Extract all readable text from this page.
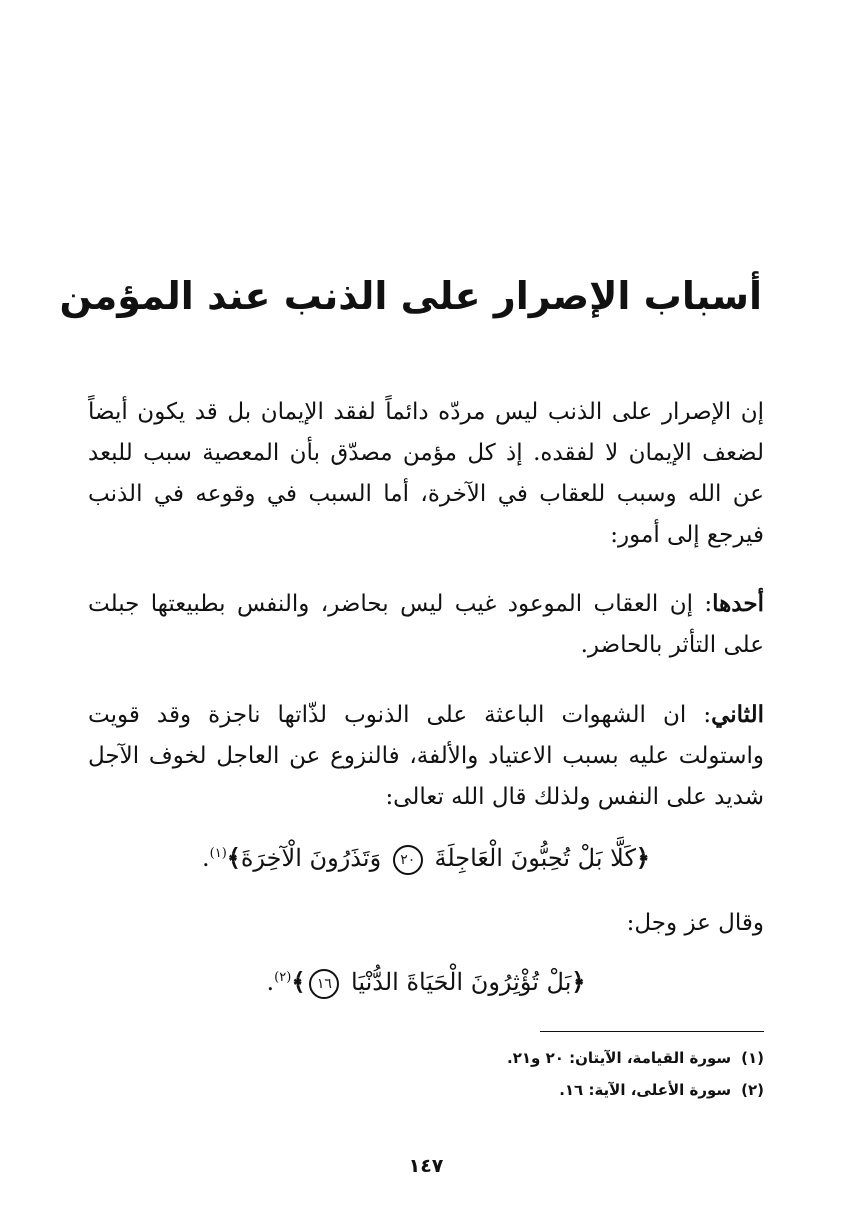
أسباب الإصرار على الذنب عند المؤمن
إن الإصرار على الذنب ليس مردّه دائماً لفقد الإيمان بل قد يكون أيضاً لضعف الإيمان لا لفقده. إذ كل مؤمن مصدّق بأن المعصية سبب للبعد عن الله وسبب للعقاب في الآخرة، أما السبب في وقوعه في الذنب فيرجع إلى أمور:
أحدها: إن العقاب الموعود غيب ليس بحاضر، والنفس بطبيعتها جبلت على التأثر بالحاضر.
الثاني: ان الشهوات الباعثة على الذنوب لذّاتها ناجزة وقد قويت واستولت عليه بسبب الاعتياد والألفة، فالنزوع عن العاجل لخوف الآجل شديد على النفس ولذلك قال الله تعالى:
﴿كَلَّا بَلْ تُحِبُّونَ الْعَاجِلَةَ ٢٠ وَتَذَرُونَ الْآخِرَةَ﴾$^{(١)}$.
وقال عز وجل:
﴿بَلْ تُؤْثِرُونَ الْحَيَاةَ الدُّنْيَا ١٦﴾$^{(٢)}$.
(١)سورة القيامة، الآيتان: ٢٠ و٢١.
(٢)سورة الأعلى، الآية: ١٦.
١٤٧
